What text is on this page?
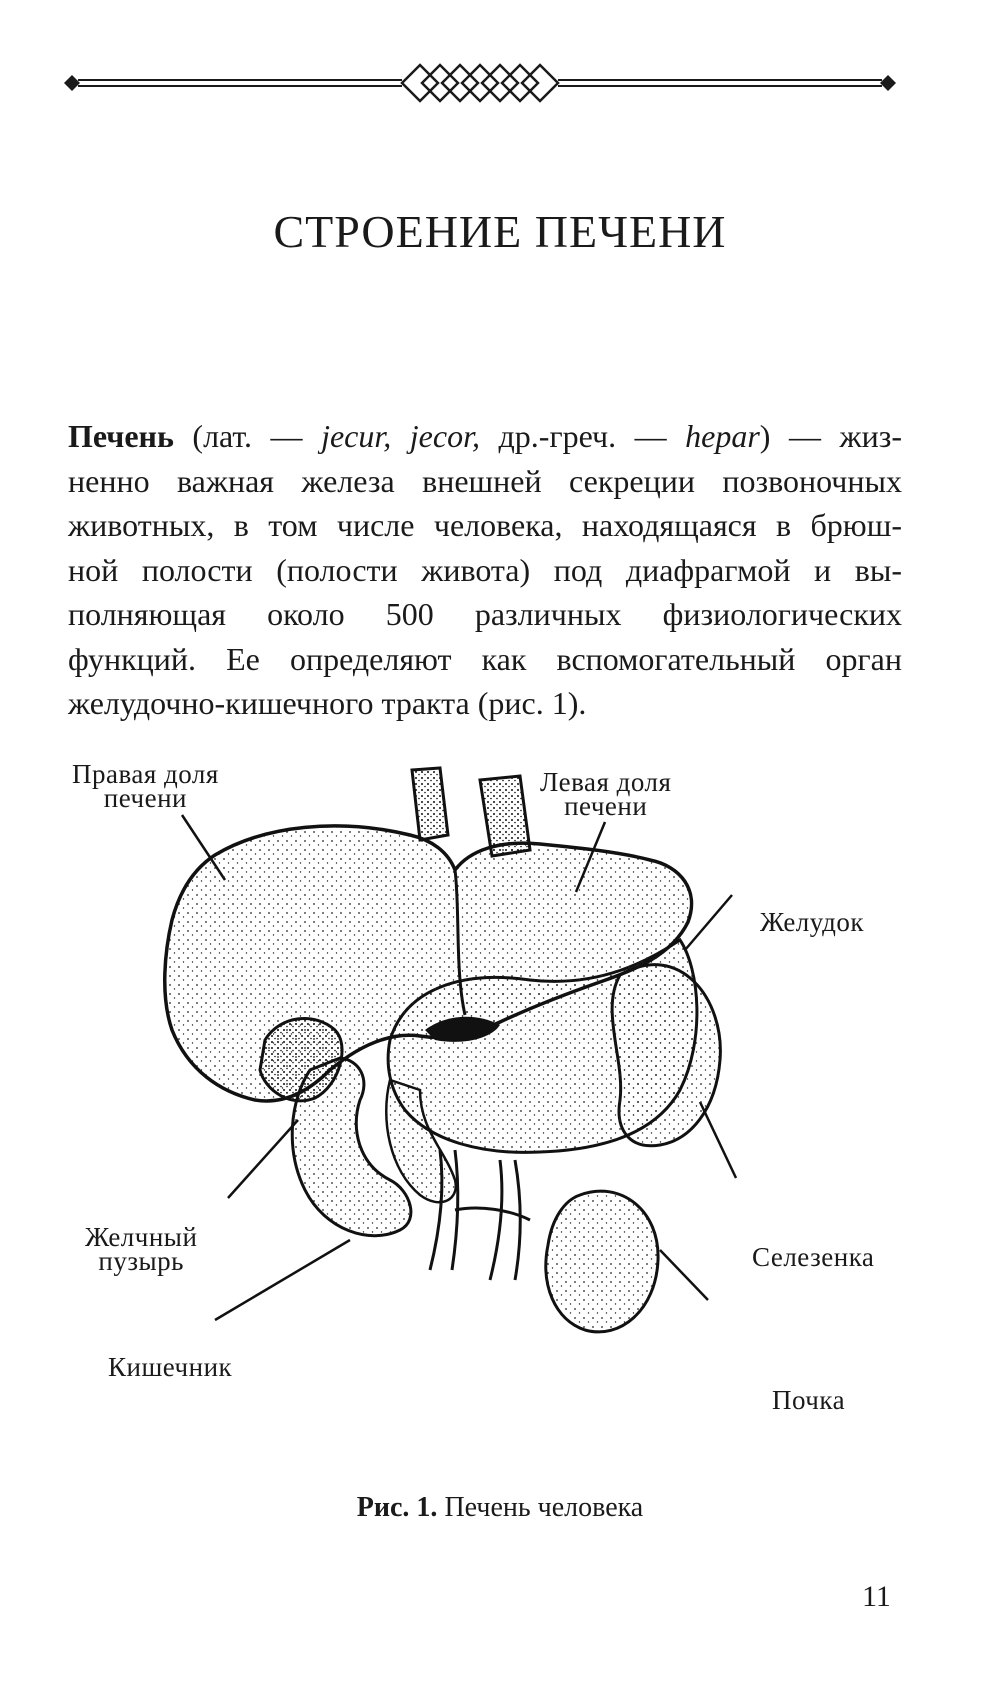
СТРОЕНИЕ ПЕЧЕНИ

Печень (лат. — jecur, jecor, др.-греч. — hepar) — жиз-
ненно важная железа внешней секреции позвоночных
животных, в том числе человека, находящаяся в брюш-
ной полости (полости живота) под диафрагмой и вы-
полняющая около 500 различных физиологических
функций. Ее определяют как вспомогательный орган
желудочно-кишечного тракта (рис. 1).

Правая доля
печени
Левая доля
печени
Желудок
Желчный
пузырь	Селезенка
Кишечник
Почка
Рис. 1. Печень человека
11
